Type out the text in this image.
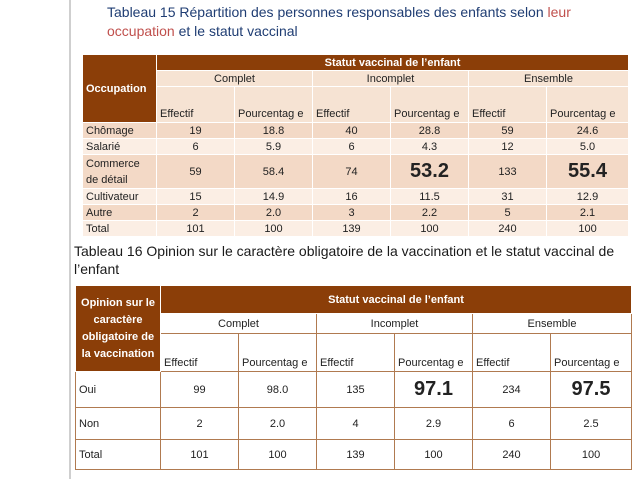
Tableau 15 Répartition des personnes responsables des enfants selon leur occupation et le statut vaccinal
Occupation	Statut vaccinal de l’enfant					
	Complet		Incomplet		Ensemble	
	Effectif	Pourcentag e	Effectif	Pourcentag e	Effectif	Pourcentag e
Chômage	19	18.8	40	28.8	59	24.6
Salarié	6	5.9	6	4.3	12	5.0
Commerce de détail	59	58.4	74	53.2	133	55.4
Cultivateur	15	14.9	16	11.5	31	12.9
Autre	2	2.0	3	2.2	5	2.1
Total	101	100	139	100	240	100
Tableau 16 Opinion sur le caractère obligatoire de la vaccination et le statut vaccinal de l’enfant
Opinion sur le caractère obligatoire de la vaccination	Statut vaccinal de l’enfant					
	Complet		Incomplet		Ensemble	
	Effectif	Pourcentag e	Effectif	Pourcentag e	Effectif	Pourcentag e
Oui	99	98.0	135	97.1	234	97.5
Non	2	2.0	4	2.9	6	2.5
Total	101	100	139	100	240	100
